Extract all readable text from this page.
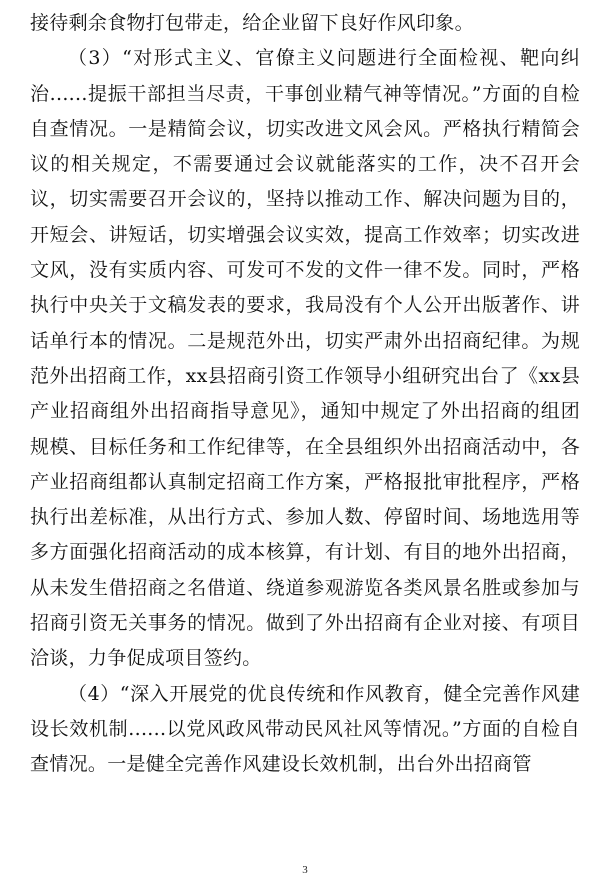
接待剩余食物打包带走，给企业留下良好作风印象。

（3）“对形式主义、官僚主义问题进行全面检视、靶向纠治......提振干部担当尽责，干事创业精气神等情况。”方面的自检自查情况。一是精简会议，切实改进文风会风。严格执行精简会议的相关规定，不需要通过会议就能落实的工作，决不召开会议，切实需要召开会议的，坚持以推动工作、解决问题为目的，开短会、讲短话，切实增强会议实效，提高工作效率；切实改进文风，没有实质内容、可发可不发的文件一律不发。同时，严格执行中央关于文稿发表的要求，我局没有个人公开出版著作、讲话单行本的情况。二是规范外出，切实严肃外出招商纪律。为规范外出招商工作，xx县招商引资工作领导小组研究出台了《xx县产业招商组外出招商指导意见》，通知中规定了外出招商的组团规模、目标任务和工作纪律等，在全县组织外出招商活动中，各产业招商组都认真制定招商工作方案，严格报批审批程序，严格执行出差标准，从出行方式、参加人数、停留时间、场地选用等多方面强化招商活动的成本核算，有计划、有目的地外出招商，从未发生借招商之名借道、绕道参观游览各类风景名胜或参加与招商引资无关事务的情况。做到了外出招商有企业对接、有项目洽谈，力争促成项目签约。

（4）“深入开展党的优良传统和作风教育，健全完善作风建设长效机制......以党风政风带动民风社风等情况。”方面的自检自查情况。一是健全完善作风建设长效机制，出台外出招商管

3
